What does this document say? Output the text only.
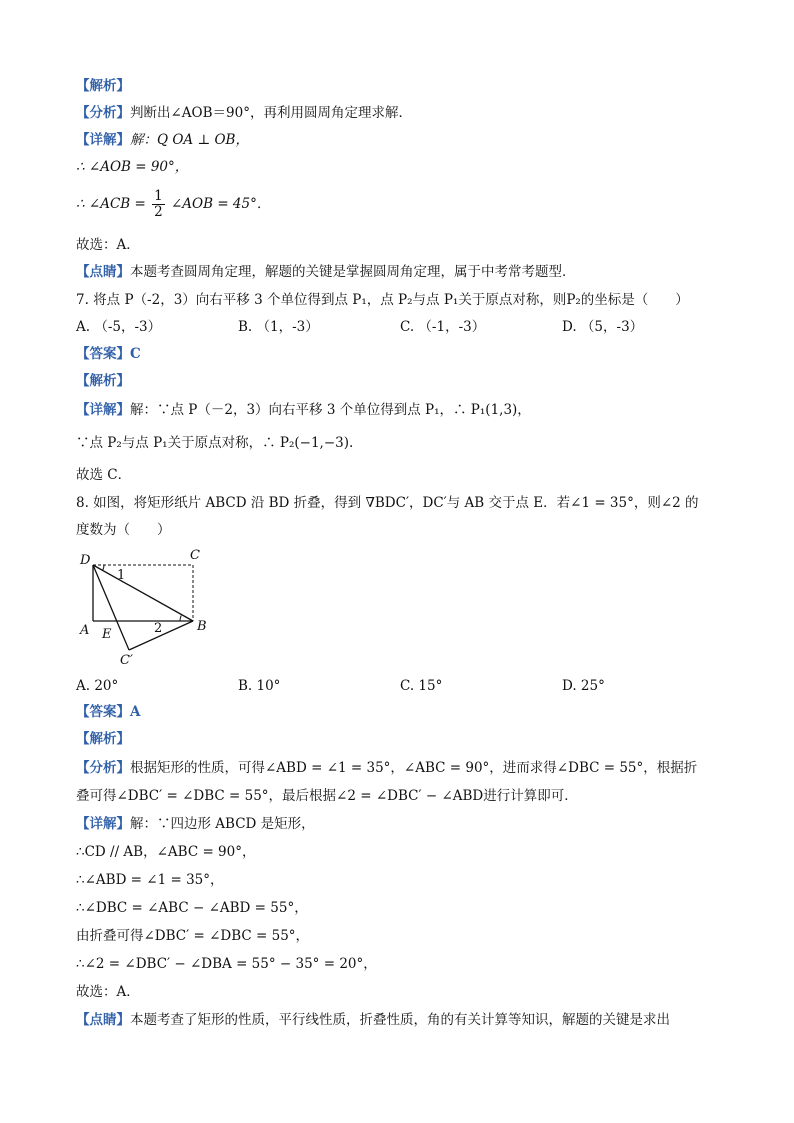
【解析】
【分析】判断出∠AOB＝90°，再利用圆周角定理求解．
【详解】解：Q OA ⊥ OB，
∴ ∠AOB = 90°，
∴ ∠ACB = $\frac{1}{2}$ ∠AOB = 45°．
故选：A．
【点睛】本题考查圆周角定理，解题的关键是掌握圆周角定理，属于中考常考题型．
7. 将点 P（-2，3）向右平移 3 个单位得到点 P₁，点 P₂与点 P₁关于原点对称，则P₂的坐标是（　　）
A. （-5，-3）	B. （1，-3）	C. （-1，-3）	D. （5，-3）
【答案】C
【解析】
【详解】解：∵点 P（－2，3）向右平移 3 个单位得到点 P₁，∴ P₁(1,3)，
∵点 P₂与点 P₁关于原点对称，∴ P₂(−1,−3).
故选 C．
8. 如图，将矩形纸片 ABCD 沿 BD 折叠，得到 ∇BDC′，DC′与 AB 交于点 E．若∠1 = 35°，则∠2 的
度数为（　　）
D	C
A	B
E
C′
1
2
A. 20°	B. 10°	C. 15°	D. 25°
【答案】A
【解析】
【分析】根据矩形的性质，可得∠ABD = ∠1 = 35°，∠ABC = 90°，进而求得∠DBC = 55°，根据折
叠可得∠DBC′ = ∠DBC = 55°，最后根据∠2 = ∠DBC′ − ∠ABD进行计算即可．
【详解】解：∵四边形 ABCD 是矩形，
∴CD // AB，∠ABC = 90°，
∴∠ABD = ∠1 = 35°，
∴∠DBC = ∠ABC − ∠ABD = 55°，
由折叠可得∠DBC′ = ∠DBC = 55°，
∴∠2 = ∠DBC′ − ∠DBA = 55° − 35° = 20°，
故选：A．
【点睛】本题考查了矩形的性质，平行线性质，折叠性质，角的有关计算等知识，解题的关键是求出
